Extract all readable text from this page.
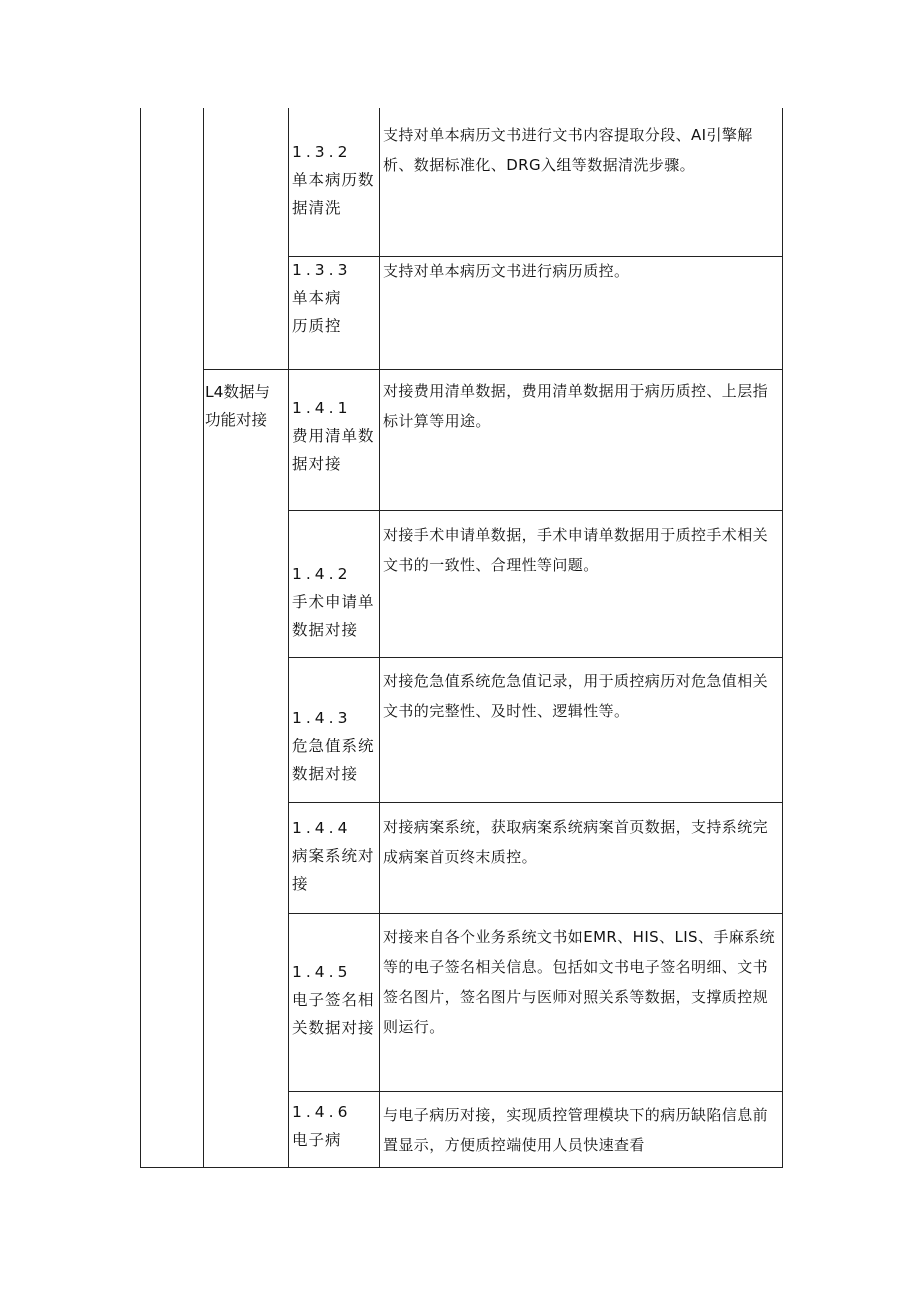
L4数据与功能对接
1.3.2
单本病历数据清洗
支持对单本病历文书进行文书内容提取分段、AI引擎解析、数据标准化、DRG入组等数据清洗步骤。
1.3.3
单本病历质控
支持对单本病历文书进行病历质控。
1.4.1
费用清单数据对接
对接费用清单数据，费用清单数据用于病历质控、上层指标计算等用途。
1.4.2
手术申请单数据对接
对接手术申请单数据，手术申请单数据用于质控手术相关文书的一致性、合理性等问题。
1.4.3
危急值系统数据对接
对接危急值系统危急值记录，用于质控病历对危急值相关文书的完整性、及时性、逻辑性等。
1.4.4
病案系统对接
对接病案系统，获取病案系统病案首页数据，支持系统完成病案首页终末质控。
1.4.5
电子签名相关数据对接
对接来自各个业务系统文书如EMR、HIS、LIS、手麻系统等的电子签名相关信息。包括如文书电子签名明细、文书签名图片，签名图片与医师对照关系等数据，支撑质控规则运行。
1.4.6
电子病
与电子病历对接，实现质控管理模块下的病历缺陷信息前置显示，方便质控端使用人员快速查看
